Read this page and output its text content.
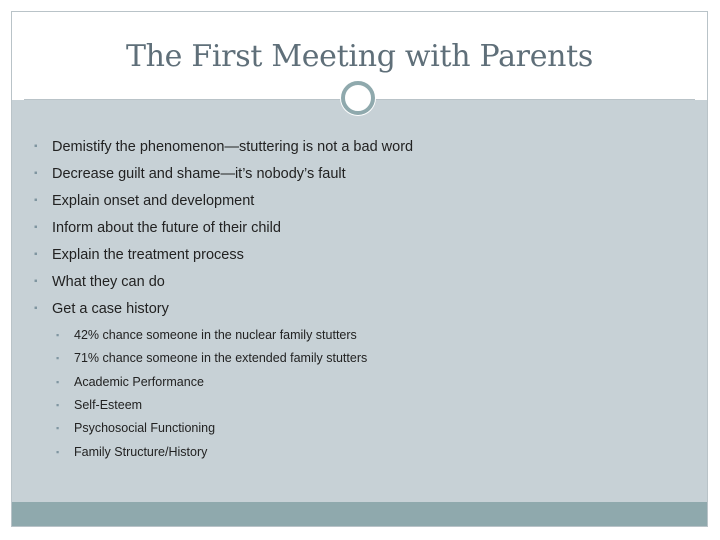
The First Meeting with Parents
▪ Demistify the phenomenon—stuttering is not a bad word
▪ Decrease guilt and shame—it’s nobody’s fault
▪ Explain onset and development
▪ Inform about the future of their child
▪ Explain the treatment process
▪ What they can do
▪ Get a case history
▪ 42% chance someone in the nuclear family stutters
▪ 71% chance someone in the extended family stutters
▪ Academic Performance
▪ Self-Esteem
▪ Psychosocial Functioning
▪ Family Structure/History
